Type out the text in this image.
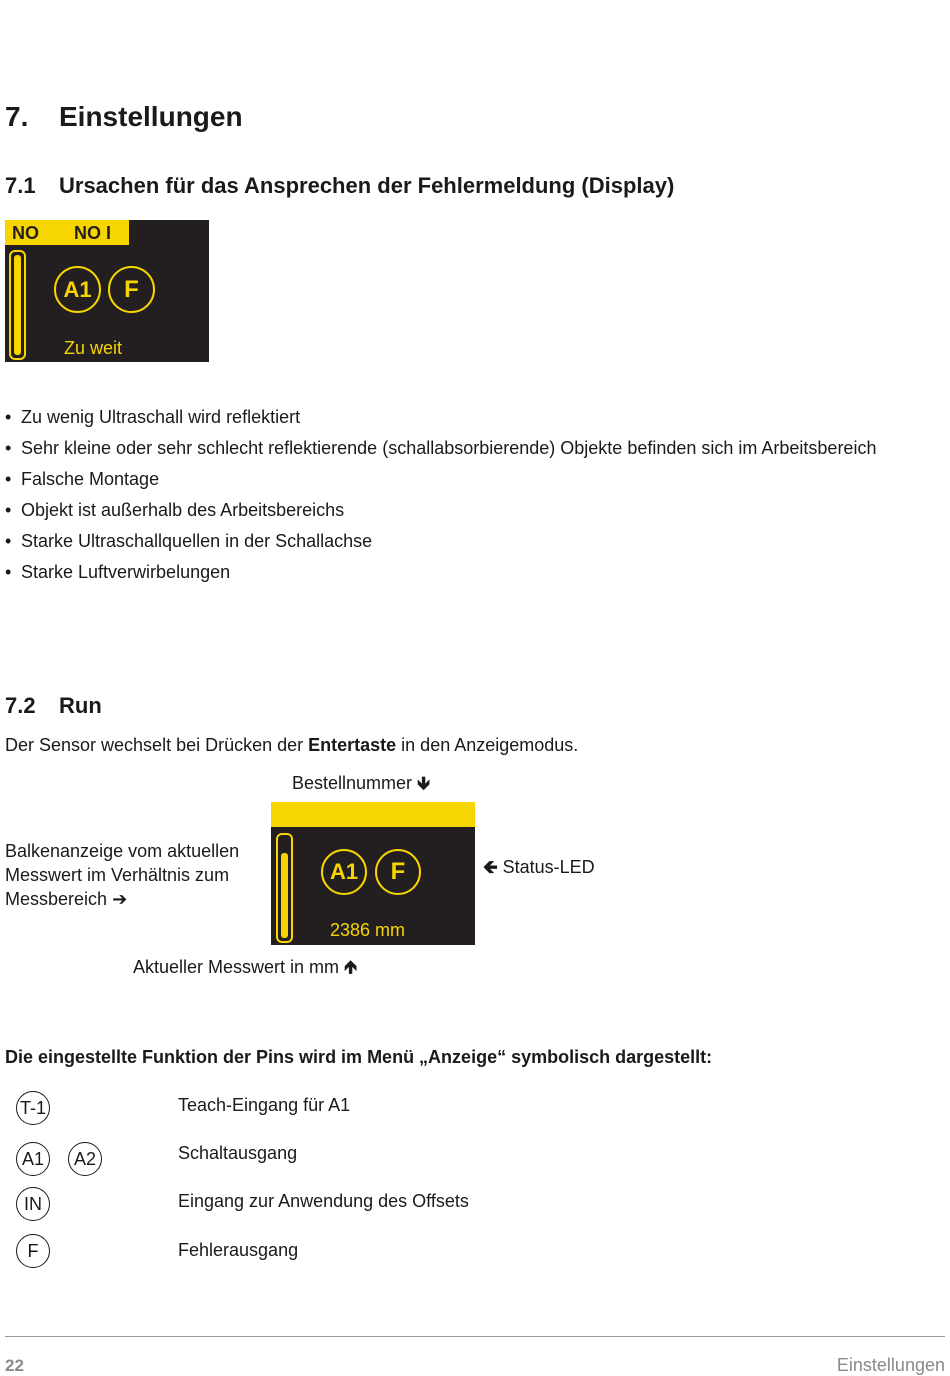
7. Einstellungen
7.1 Ursachen für das Ansprechen der Fehlermeldung (Display)
NO NO I
A1	F
Zu weit
• Zu wenig Ultraschall wird reflektiert
• Sehr kleine oder sehr schlecht reflektierende (schallabsorbierende) Objekte befinden sich im Arbeitsbereich
• Falsche Montage
• Objekt ist außerhalb des Arbeitsbereichs
• Starke Ultraschallquellen in der Schallachse
• Starke Luftverwirbelungen
7.2 Run
Der Sensor wechselt bei Drücken der Entertaste in den Anzeigemodus.
Bestellnummer 🡻
A1	F
2386 mm
Balkenanzeige vom aktuellen
Messwert im Verhältnis zum
Messbereich ➔
🡸 Status-LED
Aktueller Messwert in mm 🡹
Die eingestellte Funktion der Pins wird im Menü „Anzeige“ symbolisch dargestellt:
T-1	Teach-Eingang für A1
A1	A2	Schaltausgang
IN	Eingang zur Anwendung des Offsets
F	Fehlerausgang
22	Einstellungen
